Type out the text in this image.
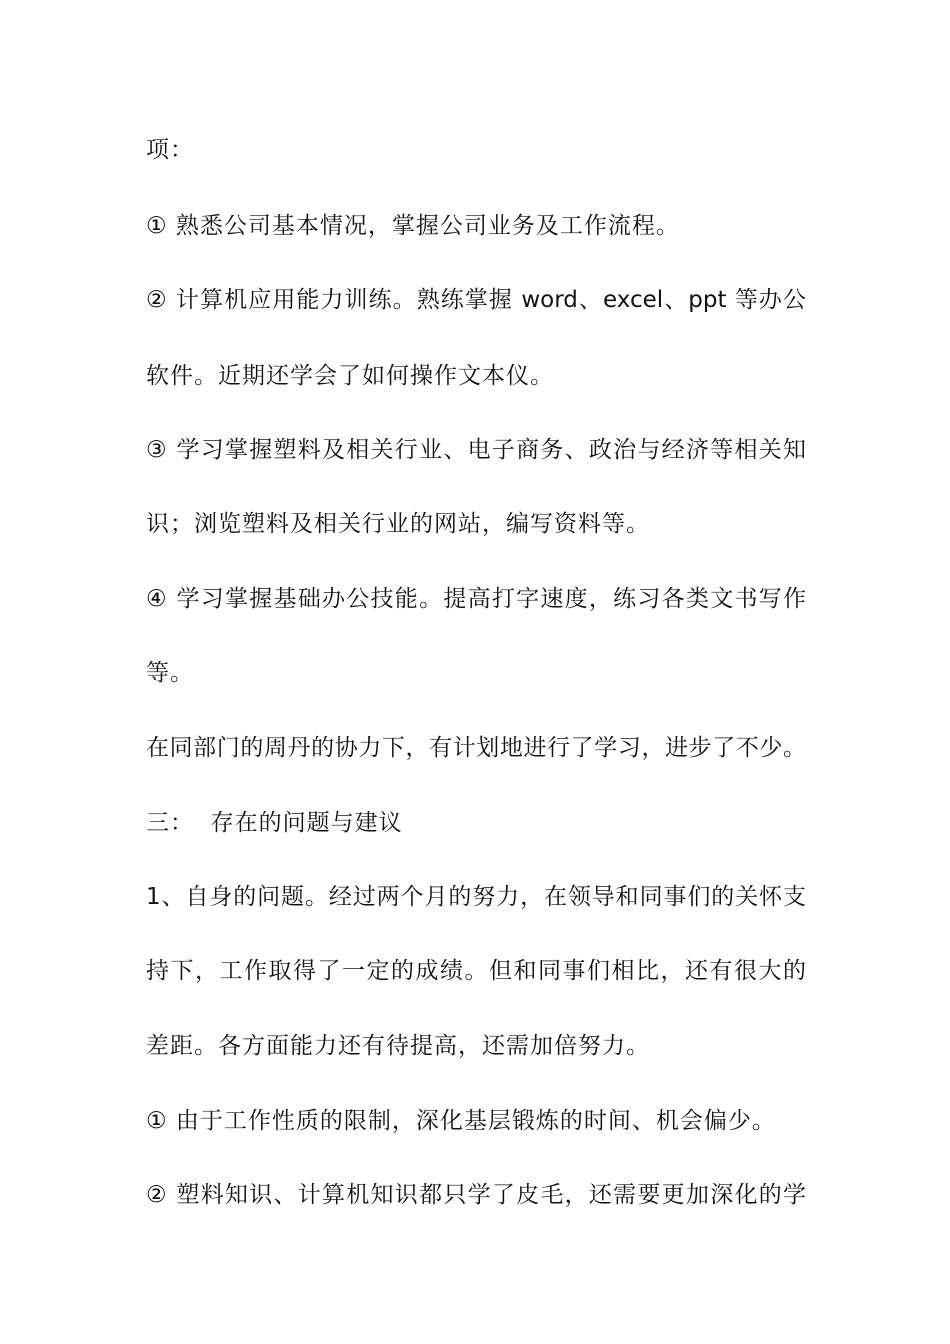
项：
① 熟悉公司基本情况，掌握公司业务及工作流程。
② 计算机应用能力训练。熟练掌握 word、excel、ppt 等办公
软件。近期还学会了如何操作文本仪。
③ 学习掌握塑料及相关行业、电子商务、政治与经济等相关知
识；浏览塑料及相关行业的网站，编写资料等。
④ 学习掌握基础办公技能。提高打字速度，练习各类文书写作
等。
在同部门的周丹的协力下，有计划地进行了学习，进步了不少。
三：  存在的问题与建议
1、自身的问题。经过两个月的努力，在领导和同事们的关怀支
持下，工作取得了一定的成绩。但和同事们相比，还有很大的
差距。各方面能力还有待提高，还需加倍努力。
① 由于工作性质的限制，深化基层锻炼的时间、机会偏少。
② 塑料知识、计算机知识都只学了皮毛，还需要更加深化的学
